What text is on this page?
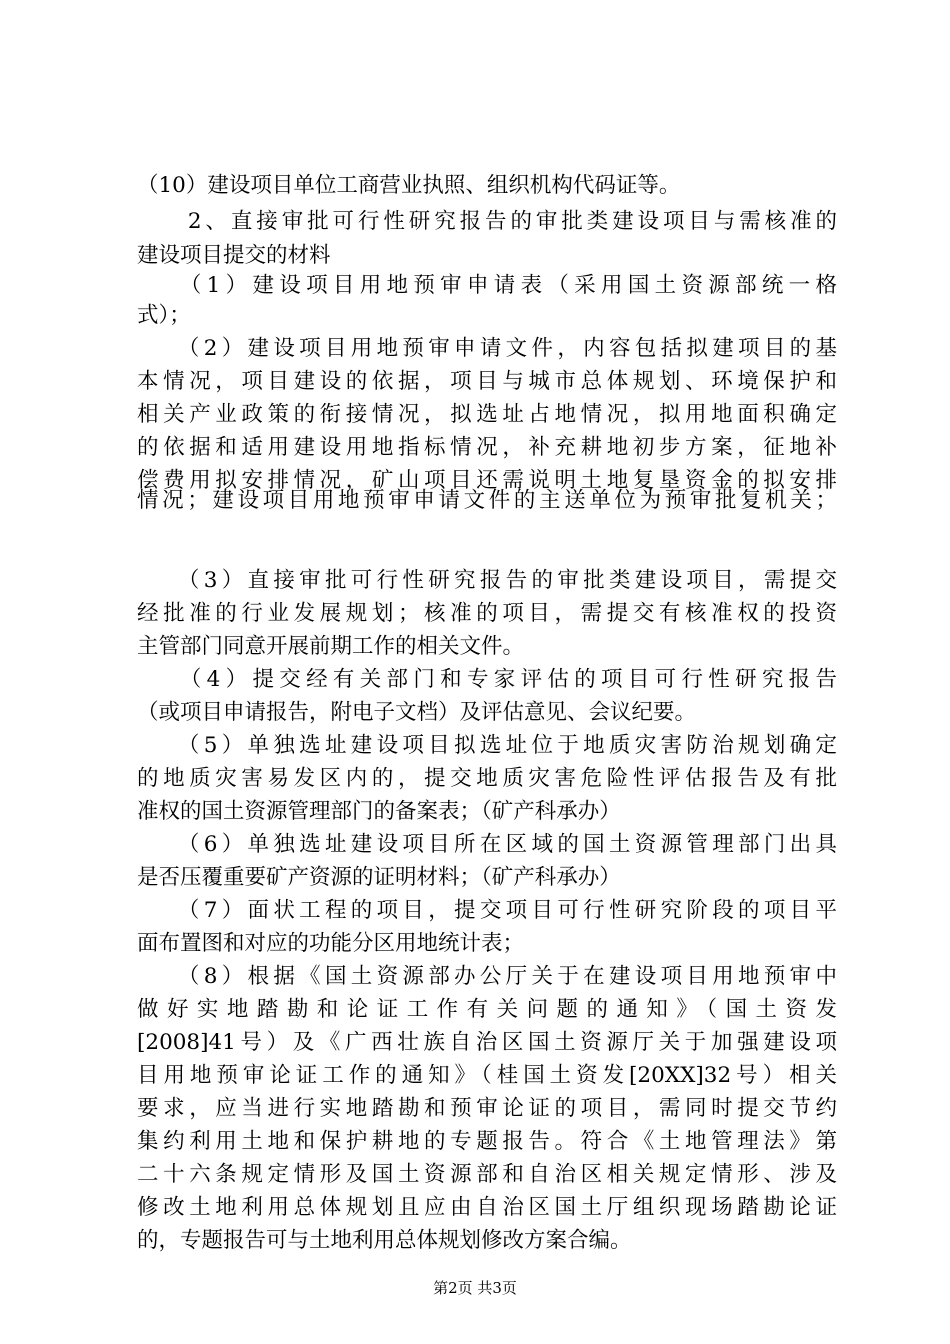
（10）建设项目单位工商营业执照、组织机构代码证等。
　　2、直接审批可行性研究报告的审批类建设项目与需核准的
建设项目提交的材料
　　（1）建设项目用地预审申请表（采用国土资源部统一格
式）；
　　（2）建设项目用地预审申请文件，内容包括拟建项目的基
本情况，项目建设的依据，项目与城市总体规划、环境保护和
相关产业政策的衔接情况，拟选址占地情况，拟用地面积确定
的依据和适用建设用地指标情况，补充耕地初步方案，征地补
偿费用拟安排情况，矿山项目还需说明土地复垦资金的拟安排
情况；建设项目用地预审申请文件的主送单位为预审批复机关；
　　（3）直接审批可行性研究报告的审批类建设项目，需提交
经批准的行业发展规划；核准的项目，需提交有核准权的投资
主管部门同意开展前期工作的相关文件。
　　（4）提交经有关部门和专家评估的项目可行性研究报告
（或项目申请报告，附电子文档）及评估意见、会议纪要。
　　（5）单独选址建设项目拟选址位于地质灾害防治规划确定
的地质灾害易发区内的，提交地质灾害危险性评估报告及有批
准权的国土资源管理部门的备案表；（矿产科承办）
　　（6）单独选址建设项目所在区域的国土资源管理部门出具
是否压覆重要矿产资源的证明材料；（矿产科承办）
　　（7）面状工程的项目，提交项目可行性研究阶段的项目平
面布置图和对应的功能分区用地统计表；
　　（8）根据《国土资源部办公厅关于在建设项目用地预审中
做好实地踏勘和论证工作有关问题的通知》（国土资发
[2008]41号）及《广西壮族自治区国土资源厅关于加强建设项
目用地预审论证工作的通知》（桂国土资发[20XX]32号）相关
要求，应当进行实地踏勘和预审论证的项目，需同时提交节约
集约利用土地和保护耕地的专题报告。符合《土地管理法》第
二十六条规定情形及国土资源部和自治区相关规定情形、涉及
修改土地利用总体规划且应由自治区国土厅组织现场踏勘论证
的，专题报告可与土地利用总体规划修改方案合编。
第2页 共3页
